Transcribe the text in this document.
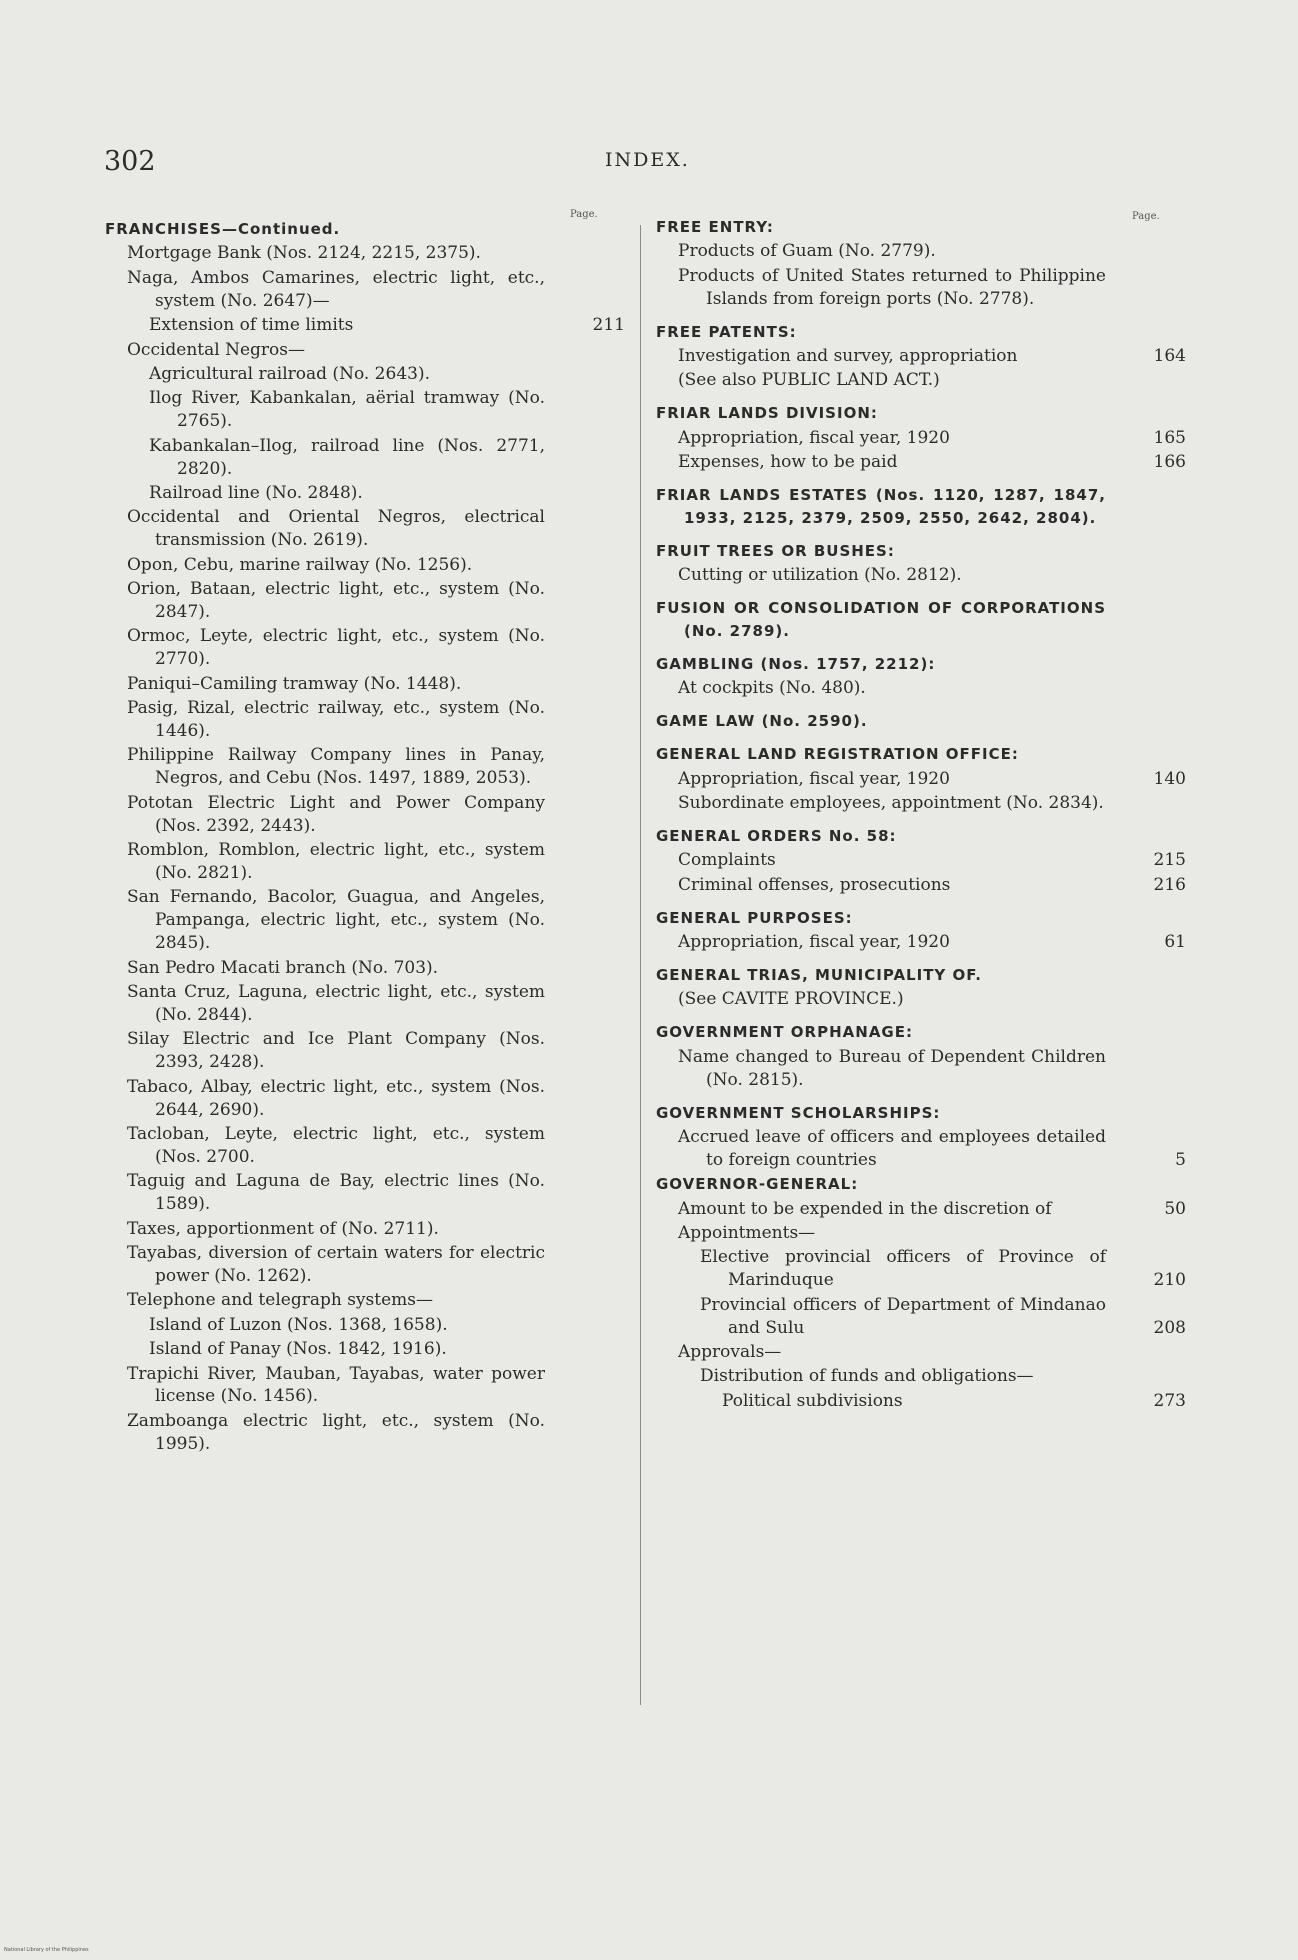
302	INDEX.
Page.	Page.
FRANCHISES—Continued.
Mortgage Bank (Nos. 2124, 2215, 2375).
Naga, Ambos Camarines, electric light, etc., system (No. 2647)—
Extension of time limits	211
Occidental Negros—
Agricultural railroad (No. 2643).
Ilog River, Kabankalan, aërial tramway (No. 2765).
Kabankalan–Ilog, railroad line (Nos. 2771, 2820).
Railroad line (No. 2848).
Occidental and Oriental Negros, electrical transmission (No. 2619).
Opon, Cebu, marine railway (No. 1256).
Orion, Bataan, electric light, etc., system (No. 2847).
Ormoc, Leyte, electric light, etc., system (No. 2770).
Paniqui–Camiling tramway (No. 1448).
Pasig, Rizal, electric railway, etc., system (No. 1446).
Philippine Railway Company lines in Panay, Negros, and Cebu (Nos. 1497, 1889, 2053).
Pototan Electric Light and Power Company (Nos. 2392, 2443).
Romblon, Romblon, electric light, etc., system (No. 2821).
San Fernando, Bacolor, Guagua, and Angeles, Pampanga, electric light, etc., system (No. 2845).
San Pedro Macati branch (No. 703).
Santa Cruz, Laguna, electric light, etc., system (No. 2844).
Silay Electric and Ice Plant Company (Nos. 2393, 2428).
Tabaco, Albay, electric light, etc., system (Nos. 2644, 2690).
Tacloban, Leyte, electric light, etc., system (Nos. 2700.
Taguig and Laguna de Bay, electric lines (No. 1589).
Taxes, apportionment of (No. 2711).
Tayabas, diversion of certain waters for electric power (No. 1262).
Telephone and telegraph systems—
Island of Luzon (Nos. 1368, 1658).
Island of Panay (Nos. 1842, 1916).
Trapichi River, Mauban, Tayabas, water power license (No. 1456).
Zamboanga electric light, etc., system (No. 1995).
FREE ENTRY:
Products of Guam (No. 2779).
Products of United States returned to Philippine Islands from foreign ports (No. 2778).
FREE PATENTS:
Investigation and survey, appropriation	164
(See also PUBLIC LAND ACT.)
FRIAR LANDS DIVISION:
Appropriation, fiscal year, 1920	165
Expenses, how to be paid	166
FRIAR LANDS ESTATES (Nos. 1120, 1287, 1847, 1933, 2125, 2379, 2509, 2550, 2642, 2804).
FRUIT TREES OR BUSHES:
Cutting or utilization (No. 2812).
FUSION OR CONSOLIDATION OF CORPORATIONS (No. 2789).
GAMBLING (Nos. 1757, 2212):
At cockpits (No. 480).
GAME LAW (No. 2590).
GENERAL LAND REGISTRATION OFFICE:
Appropriation, fiscal year, 1920	140
Subordinate employees, appointment (No. 2834).
GENERAL ORDERS No. 58:
Complaints	215
Criminal offenses, prosecutions	216
GENERAL PURPOSES:
Appropriation, fiscal year, 1920	61
GENERAL TRIAS, MUNICIPALITY OF.
(See CAVITE PROVINCE.)
GOVERNMENT ORPHANAGE:
Name changed to Bureau of Dependent Children (No. 2815).
GOVERNMENT SCHOLARSHIPS:
Accrued leave of officers and employees detailed to foreign countries	5
GOVERNOR-GENERAL:
Amount to be expended in the discretion of	50
Appointments—
Elective provincial officers of Province of Marinduque	210
Provincial officers of Department of Mindanao and Sulu	208
Approvals—
Distribution of funds and obligations—
Political subdivisions	273
National Library of the Philippines
